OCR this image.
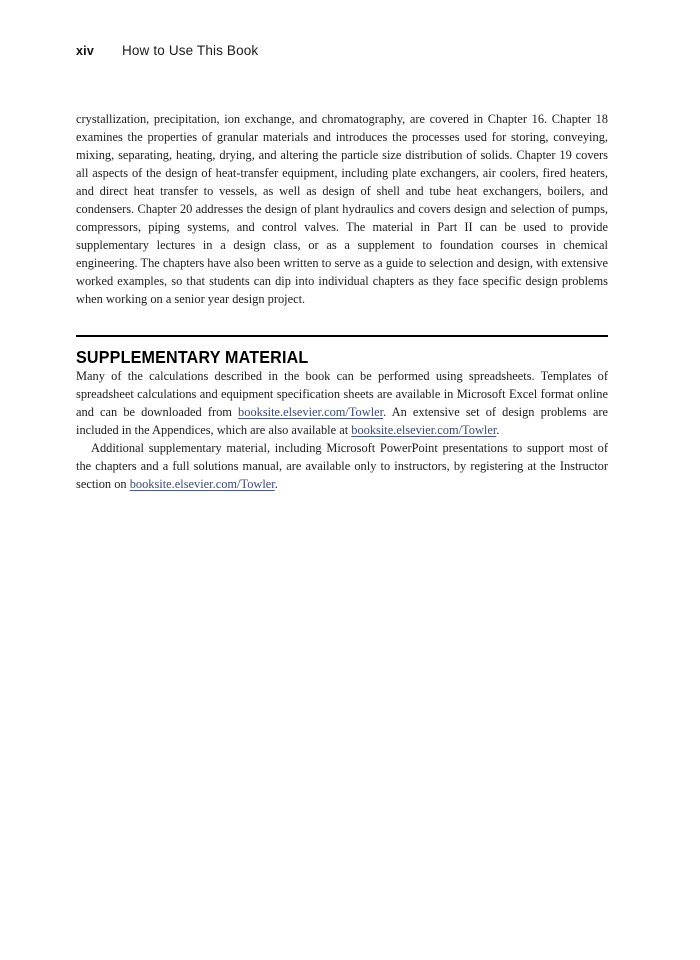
xiv	How to Use This Book

crystallization, precipitation, ion exchange, and chromatography, are covered in Chapter 16. Chapter 18 examines the properties of granular materials and introduces the processes used for storing, conveying, mixing, separating, heating, drying, and altering the particle size distribution of solids. Chapter 19 covers all aspects of the design of heat-transfer equipment, including plate exchangers, air coolers, fired heaters, and direct heat transfer to vessels, as well as design of shell and tube heat exchangers, boilers, and condensers. Chapter 20 addresses the design of plant hydraulics and covers design and selection of pumps, compressors, piping systems, and control valves. The material in Part II can be used to provide supplementary lectures in a design class, or as a supplement to foundation courses in chemical engineering. The chapters have also been written to serve as a guide to selection and design, with extensive worked examples, so that students can dip into individual chapters as they face specific design problems when working on a senior year design project.

SUPPLEMENTARY MATERIAL

Many of the calculations described in the book can be performed using spreadsheets. Templates of spreadsheet calculations and equipment specification sheets are available in Microsoft Excel format online and can be downloaded from booksite.elsevier.com/Towler. An extensive set of design problems are included in the Appendices, which are also available at booksite.elsevier.com/Towler.

Additional supplementary material, including Microsoft PowerPoint presentations to support most of the chapters and a full solutions manual, are available only to instructors, by registering at the Instructor section on booksite.elsevier.com/Towler.
